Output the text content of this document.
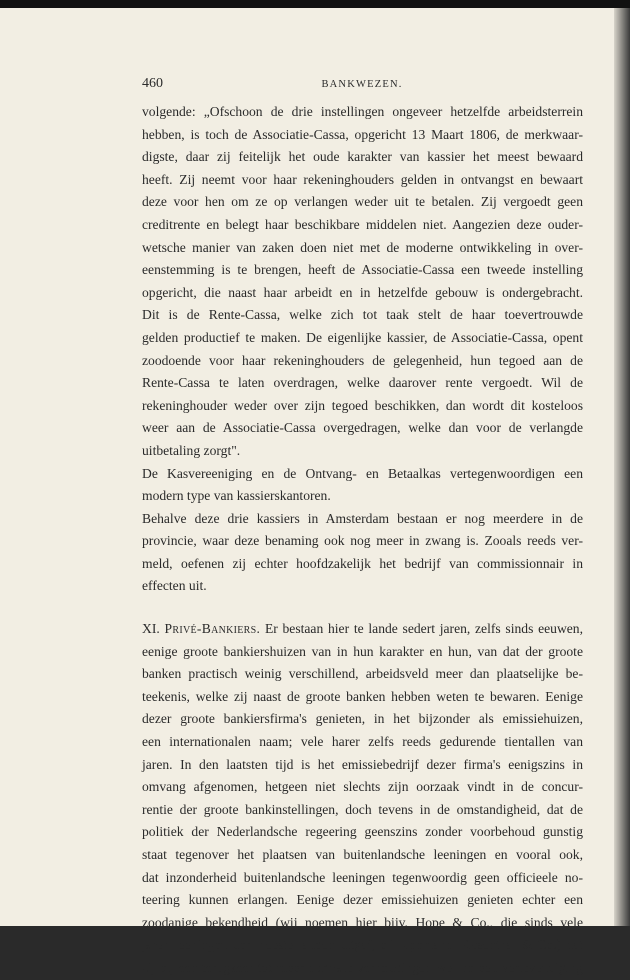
460	BANKWEZEN.
volgende: „Ofschoon de drie instellingen ongeveer hetzelfde arbeidsterrein
hebben, is toch de Associatie-Cassa, opgericht 13 Maart 1806, de merkwaar-
digste, daar zij feitelijk het oude karakter van kassier het meest bewaard
heeft. Zij neemt voor haar rekeninghouders gelden in ontvangst en bewaart
deze voor hen om ze op verlangen weder uit te betalen. Zij vergoedt geen
creditrente en belegt haar beschikbare middelen niet. Aangezien deze ouder-
wetsche manier van zaken doen niet met de moderne ontwikkeling in over-
eenstemming is te brengen, heeft de Associatie-Cassa een tweede instelling
opgericht, die naast haar arbeidt en in hetzelfde gebouw is ondergebracht.
Dit is de Rente-Cassa, welke zich tot taak stelt de haar toevertrouwde
gelden productief te maken. De eigenlijke kassier, de Associatie-Cassa, opent
zoodoende voor haar rekeninghouders de gelegenheid, hun tegoed aan de
Rente-Cassa te laten overdragen, welke daarover rente vergoedt. Wil de
rekeninghouder weder over zijn tegoed beschikken, dan wordt dit kosteloos
weer aan de Associatie-Cassa overgedragen, welke dan voor de verlangde
uitbetaling zorgt".
De Kasvereeniging en de Ontvang- en Betaalkas vertegenwoordigen een
modern type van kassierskantoren.
Behalve deze drie kassiers in Amsterdam bestaan er nog meerdere in de
provincie, waar deze benaming ook nog meer in zwang is. Zooals reeds ver-
meld, oefenen zij echter hoofdzakelijk het bedrijf van commissionnair in
effecten uit.
XI. Privé-Bankiers. Er bestaan hier te lande sedert jaren, zelfs sinds eeuwen,
eenige groote bankiershuizen van in hun karakter en hun, van dat der groote
banken practisch weinig verschillend, arbeidsveld meer dan plaatselijke be-
teekenis, welke zij naast de groote banken hebben weten te bewaren. Eenige
dezer groote bankiersfirma's genieten, in het bijzonder als emissiehuizen,
een internationalen naam; vele harer zelfs reeds gedurende tientallen van
jaren. In den laatsten tijd is het emissiebedrijf dezer firma's eenigszins in
omvang afgenomen, hetgeen niet slechts zijn oorzaak vindt in de concur-
rentie der groote bankinstellingen, doch tevens in de omstandigheid, dat de
politiek der Nederlandsche regeering geenszins zonder voorbehoud gunstig
staat tegenover het plaatsen van buitenlandsche leeningen en vooral ook,
dat inzonderheid buitenlandsche leeningen tegenwoordig geen officieele no-
teering kunnen erlangen. Eenige dezer emissiehuizen genieten echter een
zoodanige bekendheid (wij noemen hier bijv. Hope & Co., die sinds vele
jaren leeningen der meeste landen uitgaf, of Lippmann, Rosenthal & Co.) dat
zij bij een terugkeer tot meer normale verhoudingen wel op een verlevendiging
